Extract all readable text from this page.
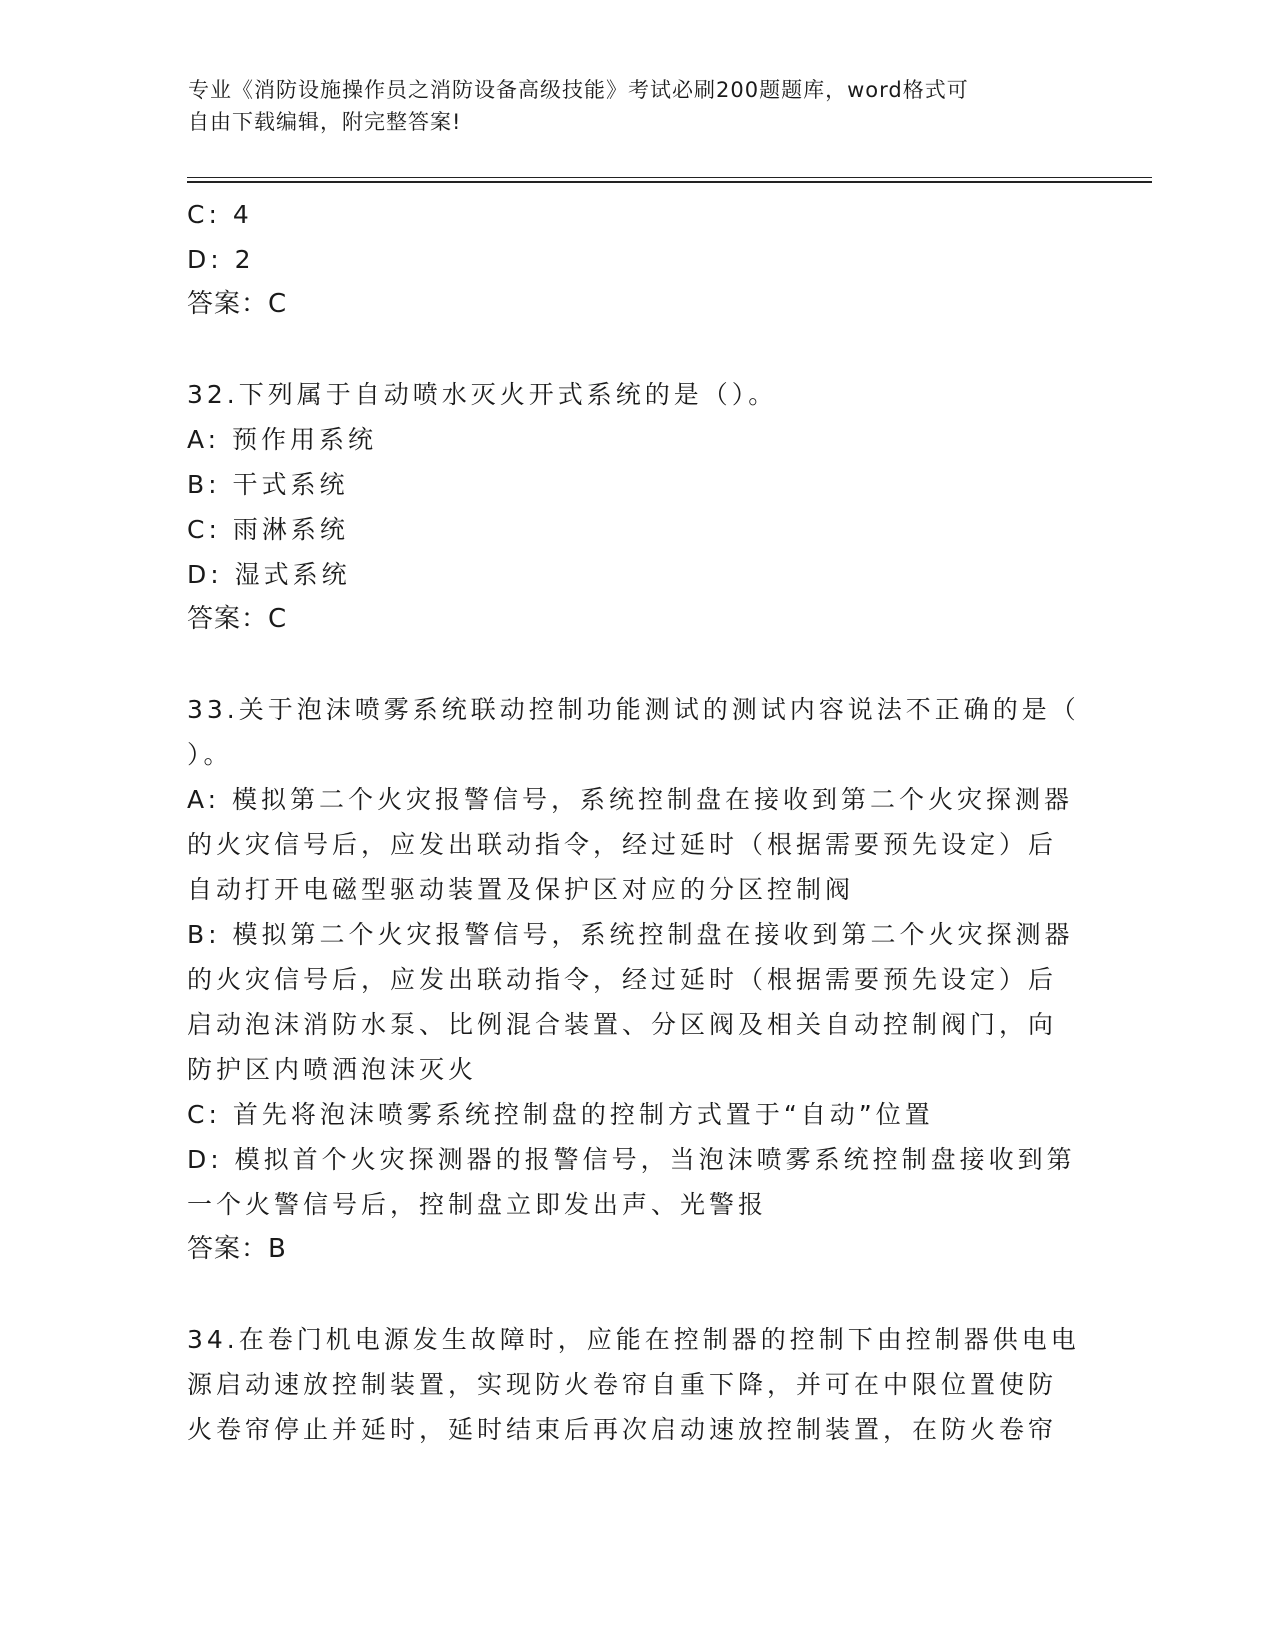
专业《消防设施操作员之消防设备高级技能》考试必刷200题题库，word格式可
自由下载编辑，附完整答案!
C: 4
D: 2
答案：C
32.下列属于自动喷水灭火开式系统的是（）。
A: 预作用系统
B: 干式系统
C: 雨淋系统
D: 湿式系统
答案：C
33.关于泡沫喷雾系统联动控制功能测试的测试内容说法不正确的是（
）。
A: 模拟第二个火灾报警信号，系统控制盘在接收到第二个火灾探测器
的火灾信号后，应发出联动指令，经过延时（根据需要预先设定）后
自动打开电磁型驱动装置及保护区对应的分区控制阀
B: 模拟第二个火灾报警信号，系统控制盘在接收到第二个火灾探测器
的火灾信号后，应发出联动指令，经过延时（根据需要预先设定）后
启动泡沫消防水泵、比例混合装置、分区阀及相关自动控制阀门，向
防护区内喷洒泡沫灭火
C: 首先将泡沫喷雾系统控制盘的控制方式置于“自动”位置
D: 模拟首个火灾探测器的报警信号，当泡沫喷雾系统控制盘接收到第
一个火警信号后，控制盘立即发出声、光警报
答案：B
34.在卷门机电源发生故障时，应能在控制器的控制下由控制器供电电
源启动速放控制装置，实现防火卷帘自重下降，并可在中限位置使防
火卷帘停止并延时，延时结束后再次启动速放控制装置，在防火卷帘
